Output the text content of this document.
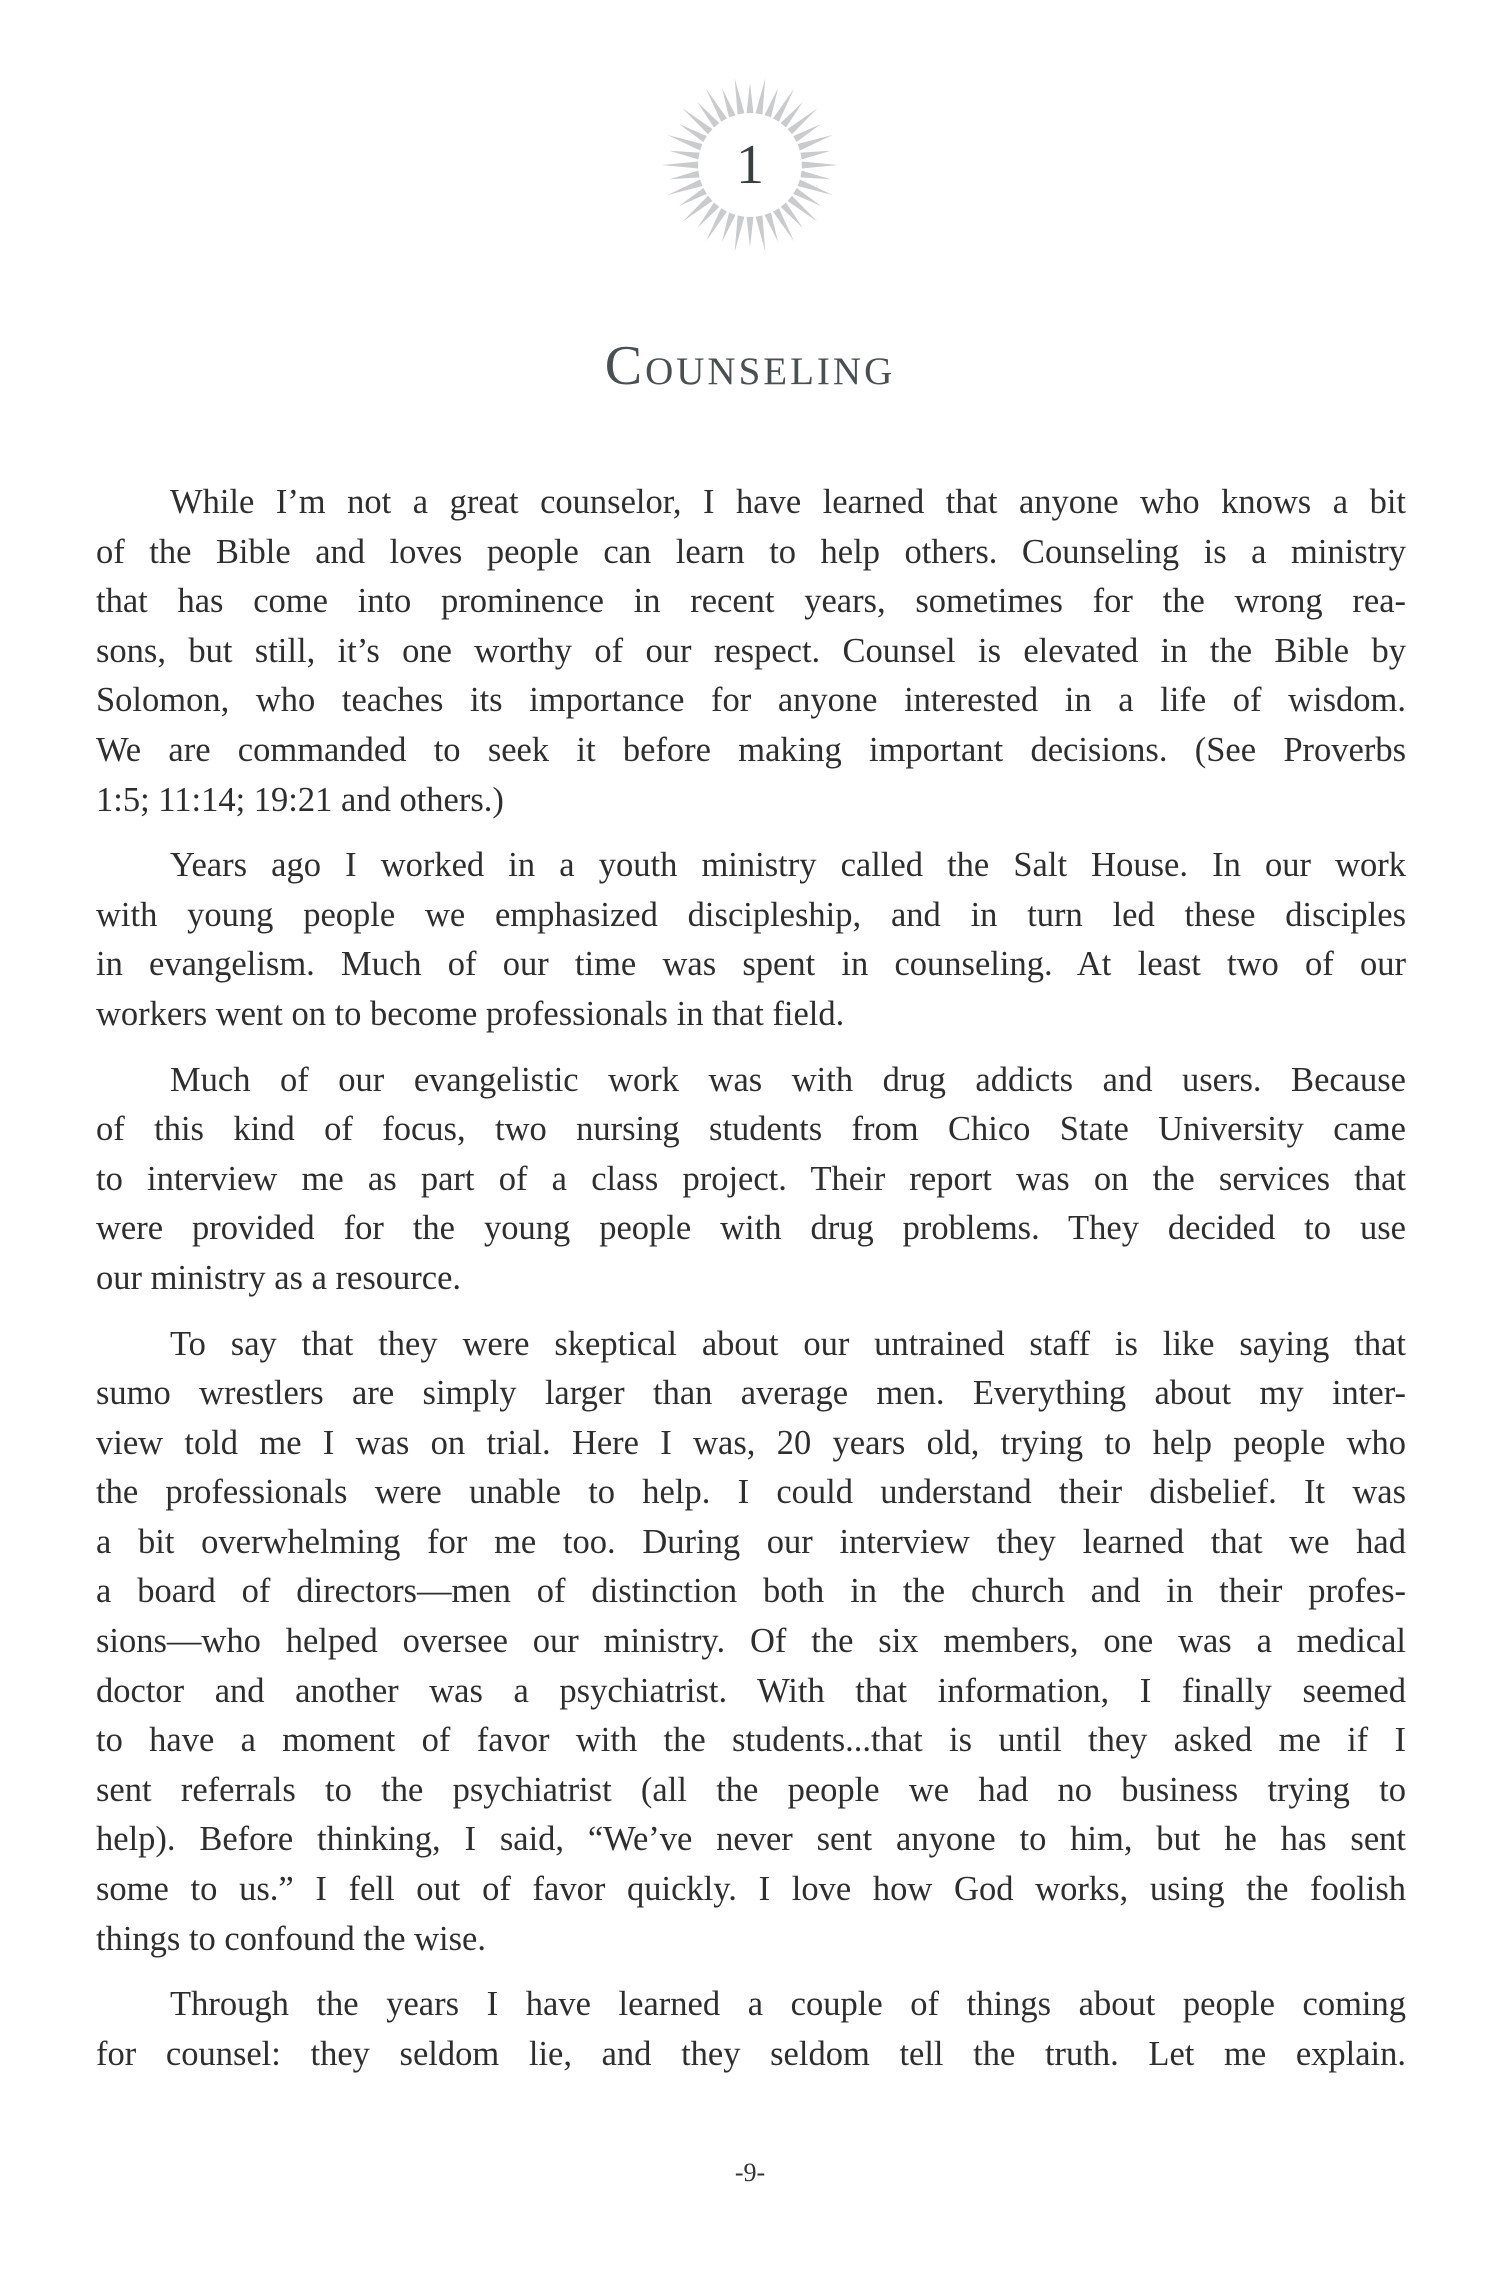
1
Counseling
While I’m not a great counselor, I have learned that anyone who knows a bit
of the Bible and loves people can learn to help others. Counseling is a ministry
that has come into prominence in recent years, sometimes for the wrong rea-
sons, but still, it’s one worthy of our respect. Counsel is elevated in the Bible by
Solomon, who teaches its importance for anyone interested in a life of wisdom.
We are commanded to seek it before making important decisions. (See Proverbs
1:5; 11:14; 19:21 and others.)
Years ago I worked in a youth ministry called the Salt House. In our work
with young people we emphasized discipleship, and in turn led these disciples
in evangelism. Much of our time was spent in counseling. At least two of our
workers went on to become professionals in that field.
Much of our evangelistic work was with drug addicts and users. Because
of this kind of focus, two nursing students from Chico State University came
to interview me as part of a class project. Their report was on the services that
were provided for the young people with drug problems. They decided to use
our ministry as a resource.
To say that they were skeptical about our untrained staff is like saying that
sumo wrestlers are simply larger than average men. Everything about my inter-
view told me I was on trial. Here I was, 20 years old, trying to help people who
the professionals were unable to help. I could understand their disbelief. It was
a bit overwhelming for me too. During our interview they learned that we had
a board of directors—men of distinction both in the church and in their profes-
sions—who helped oversee our ministry. Of the six members, one was a medical
doctor and another was a psychiatrist. With that information, I finally seemed
to have a moment of favor with the students...that is until they asked me if I
sent referrals to the psychiatrist (all the people we had no business trying to
help). Before thinking, I said, “We’ve never sent anyone to him, but he has sent
some to us.” I fell out of favor quickly. I love how God works, using the foolish
things to confound the wise.
Through the years I have learned a couple of things about people coming
for counsel: they seldom lie, and they seldom tell the truth. Let me explain.
-9-
